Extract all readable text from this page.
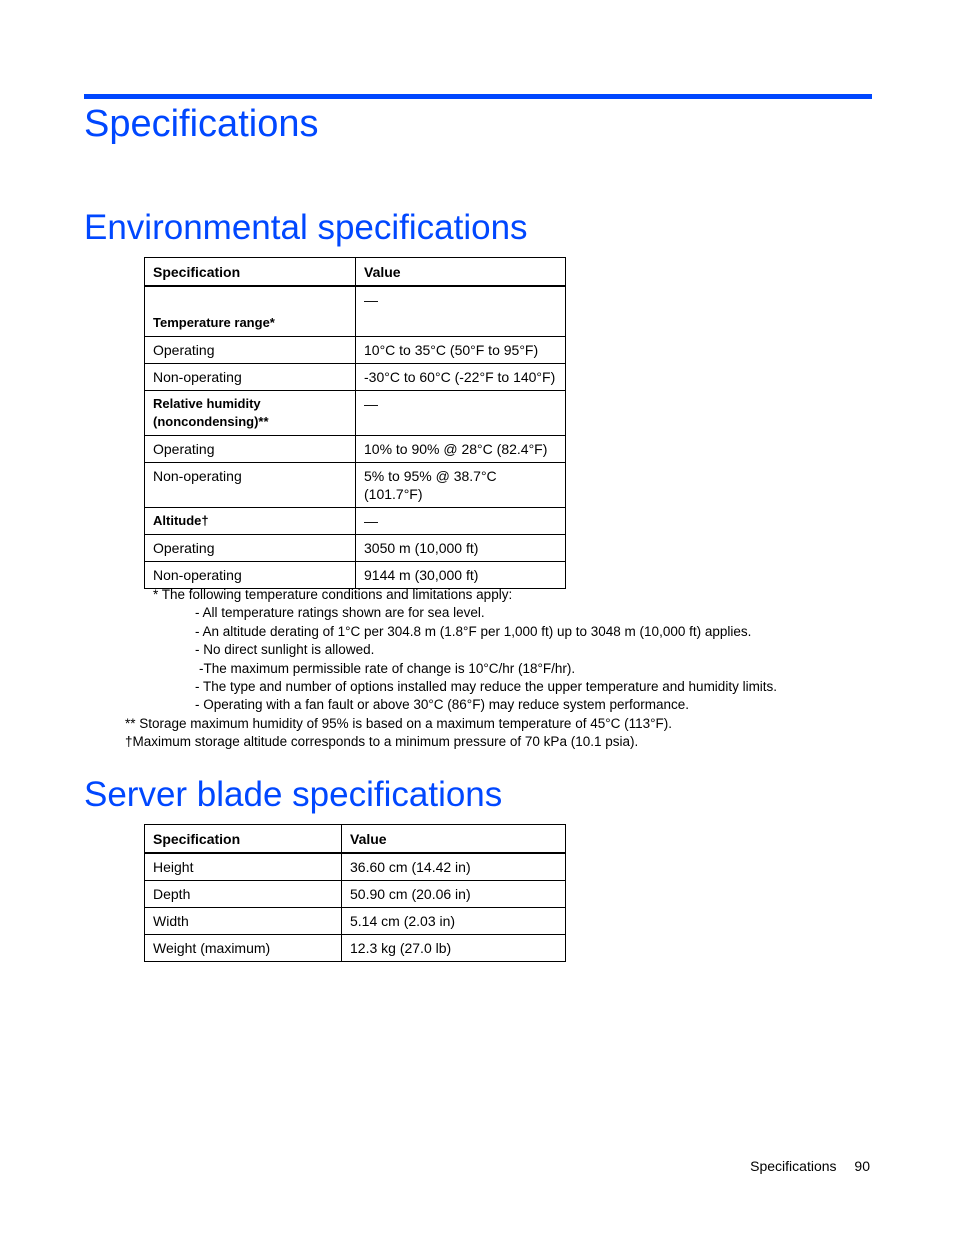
Specifications
Environmental specifications
Specification	Value
Temperature range*	—
Operating	10°C to 35°C (50°F to 95°F)
Non-operating	-30°C to 60°C (-22°F to 140°F)
Relative humidity (noncondensing)**	—
Operating	10% to 90% @ 28°C (82.4°F)
Non-operating	5% to 95% @ 38.7°C (101.7°F)
Altitude†	—
Operating	3050 m (10,000 ft)
Non-operating	9144 m (30,000 ft)
* The following temperature conditions and limitations apply:
- All temperature ratings shown are for sea level.
- An altitude derating of 1°C per 304.8 m (1.8°F per 1,000 ft) up to 3048 m (10,000 ft) applies.
- No direct sunlight is allowed.
-The maximum permissible rate of change is 10°C/hr (18°F/hr).
- The type and number of options installed may reduce the upper temperature and humidity limits.
- Operating with a fan fault or above 30°C (86°F) may reduce system performance.
** Storage maximum humidity of 95% is based on a maximum temperature of 45°C (113°F).
†Maximum storage altitude corresponds to a minimum pressure of 70 kPa (10.1 psia).
Server blade specifications
Specification	Value
Height	36.60 cm (14.42 in)
Depth	50.90 cm (20.06 in)
Width	5.14 cm (2.03 in)
Weight (maximum)	12.3 kg (27.0 lb)
Specifications 90
